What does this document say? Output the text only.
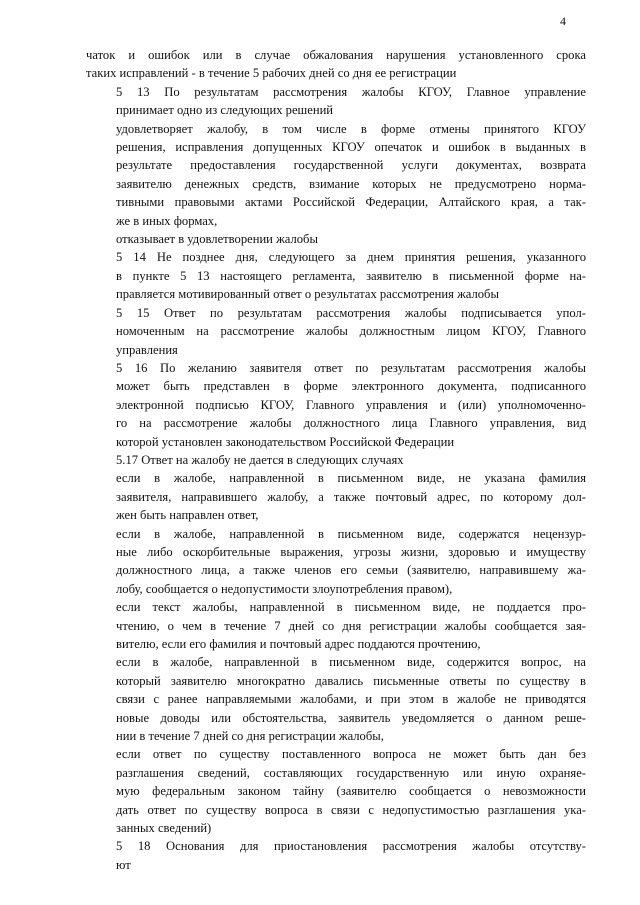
4

чаток и ошибок или в случае обжалования нарушения установленного срока
таких исправлений - в течение 5 рабочих дней со дня ее регистрации

5 13 По результатам рассмотрения жалобы КГОУ, Главное управление
принимает одно из следующих решений

удовлетворяет жалобу, в том числе в форме отмены принятого КГОУ
решения, исправления допущенных КГОУ опечаток и ошибок в выданных в
результате предоставления государственной услуги документах, возврата
заявителю денежных средств, взимание которых не предусмотрено норма-
тивными правовыми актами Российской Федерации, Алтайского края, а так-
же в иных формах,

отказывает в удовлетворении жалобы

5 14 Не позднее дня, следующего за днем принятия решения, указанного
в пункте 5 13 настоящего регламента, заявителю в письменной форме на-
правляется мотивированный ответ о результатах рассмотрения жалобы

5 15 Ответ по результатам рассмотрения жалобы подписывается упол-
номоченным на рассмотрение жалобы должностным лицом КГОУ, Главного
управления

5 16 По желанию заявителя ответ по результатам рассмотрения жалобы
может быть представлен в форме электронного документа, подписанного
электронной подписью КГОУ, Главного управления и (или) уполномоченно-
го на рассмотрение жалобы должностного лица Главного управления, вид
которой установлен законодательством Российской Федерации

5.17 Ответ на жалобу не дается в следующих случаях

если в жалобе, направленной в письменном виде, не указана фамилия
заявителя, направившего жалобу, а также почтовый адрес, по которому дол-
жен быть направлен ответ,

если в жалобе, направленной в письменном виде, содержатся нецензур-
ные либо оскорбительные выражения, угрозы жизни, здоровью и имуществу
должностного лица, а также членов его семьи (заявителю, направившему жа-
лобу, сообщается о недопустимости злоупотребления правом),

если текст жалобы, направленной в письменном виде, не поддается про-
чтению, о чем в течение 7 дней со дня регистрации жалобы сообщается зая-
вителю, если его фамилия и почтовый адрес поддаются прочтению,

если в жалобе, направленной в письменном виде, содержится вопрос, на
который заявителю многократно давались письменные ответы по существу в
связи с ранее направляемыми жалобами, и при этом в жалобе не приводятся
новые доводы или обстоятельства, заявитель уведомляется о данном реше-
нии в течение 7 дней со дня регистрации жалобы,

если ответ по существу поставленного вопроса не может быть дан без
разглашения сведений, составляющих государственную или иную охраняе-
мую федеральным законом тайну (заявителю сообщается о невозможности
дать ответ по существу вопроса в связи с недопустимостью разглашения ука-
занных сведений)

5 18 Основания для приостановления рассмотрения жалобы отсутству-
ют
